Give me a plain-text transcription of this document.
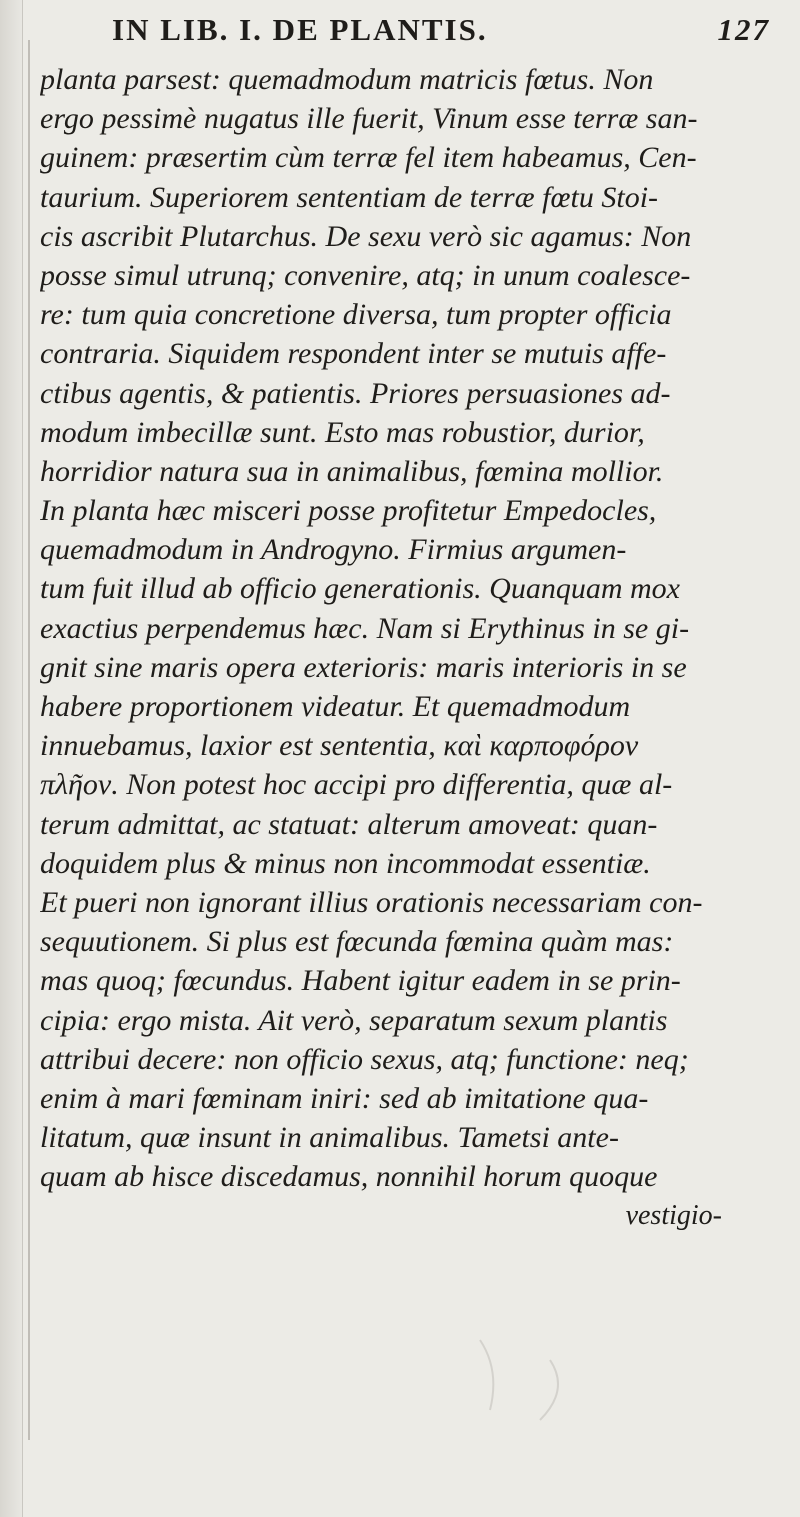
IN LIB. I. DE PLANTIS.	127
planta parsest: quemadmodum matricis fœtus. Non
ergo pessimè nugatus ille fuerit, Vinum esse terræ san-
guinem: præsertim cùm terræ fel item habeamus, Cen-
taurium. Superiorem sententiam de terræ fœtu Stoi-
cis ascribit Plutarchus. De sexu verò sic agamus: Non
posse simul utrunq; convenire, atq; in unum coalesce-
re: tum quia concretione diversa, tum propter officia
contraria. Siquidem respondent inter se mutuis affe-
ctibus agentis, & patientis. Priores persuasiones ad-
modum imbecillæ sunt. Esto mas robustior, durior,
horridior natura sua in animalibus, fœmina mollior.
In planta hæc misceri posse profitetur Empedocles,
quemadmodum in Androgyno. Firmius argumen-
tum fuit illud ab officio generationis. Quanquam mox
exactius perpendemus hæc. Nam si Erythinus in se gi-
gnit sine maris opera exterioris: maris interioris in se
habere proportionem videatur. Et quemadmodum
innuebamus, laxior est sententia, καὶ καρποφόρον
πλῆον. Non potest hoc accipi pro differentia, quæ al-
terum admittat, ac statuat: alterum amoveat: quan-
doquidem plus & minus non incommodat essentiæ.
Et pueri non ignorant illius orationis necessariam con-
sequutionem. Si plus est fœcunda fœmina quàm mas:
mas quoq; fœcundus. Habent igitur eadem in se prin-
cipia: ergo mista. Ait verò, separatum sexum plantis
attribui decere: non officio sexus, atq; functione: neq;
enim à mari fœminam iniri: sed ab imitatione qua-
litatum, quæ insunt in animalibus. Tametsi ante-
quam ab hisce discedamus, nonnihil horum quoque
vestigio-
